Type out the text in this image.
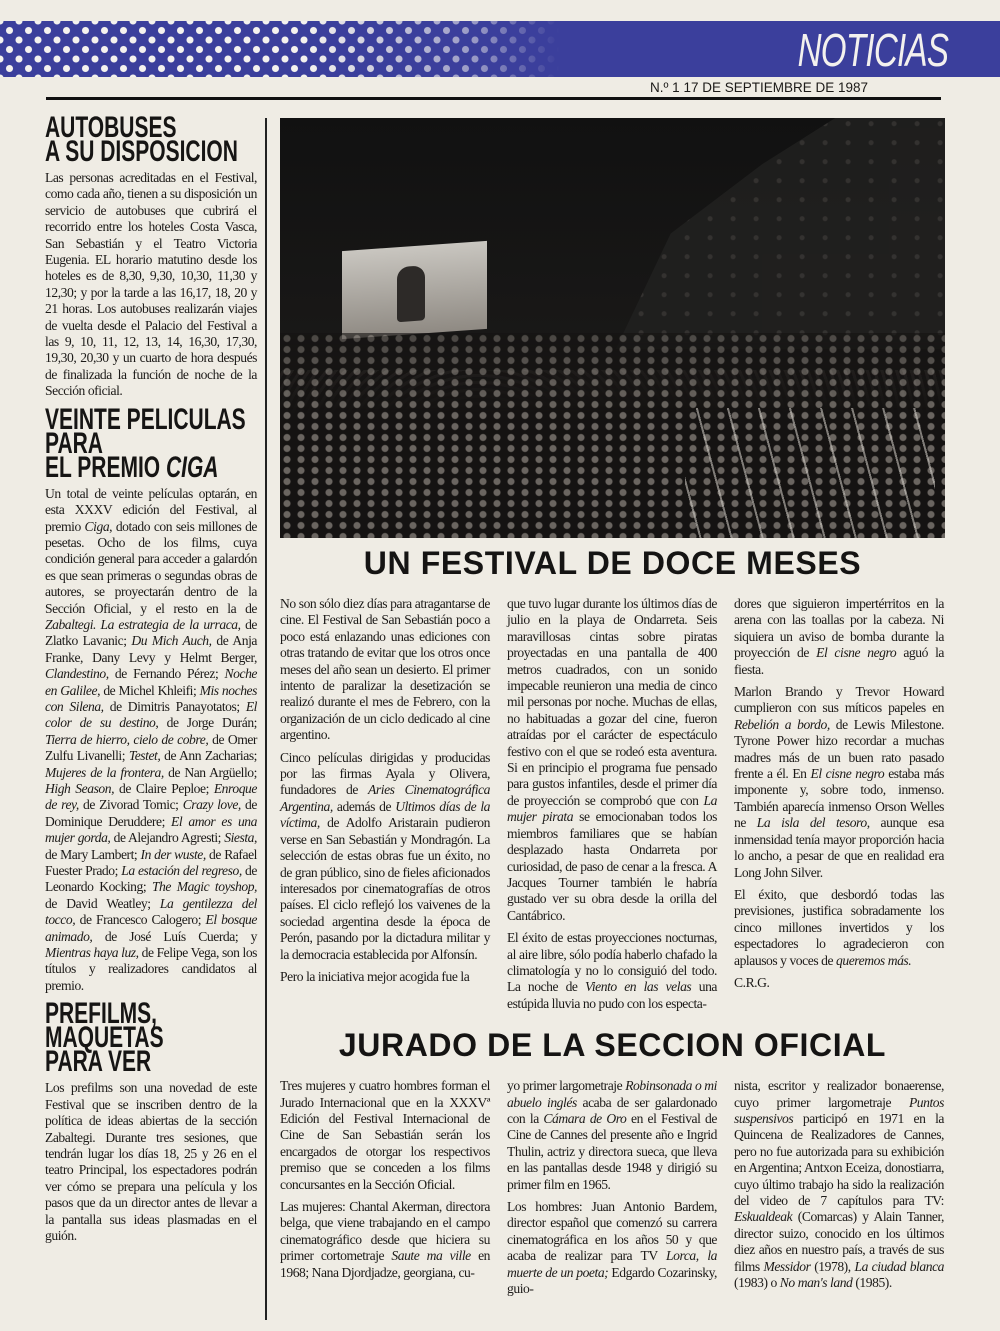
NOTICIAS
N.º 1 17 DE SEPTIEMBRE DE 1987
AUTOBUSES
A SU DISPOSICION

Las personas acreditadas en el Festival, como cada año, tienen a su disposición un servicio de autobuses que cubrirá el recorrido entre los hoteles Costa Vasca, San Sebastián y el Teatro Victoria Eugenia. EL horario matutino desde los hoteles es de 8,30, 9,30, 10,30, 11,30 y 12,30; y por la tarde a las 16,17, 18, 20 y 21 horas. Los autobuses realizarán viajes de vuelta desde el Palacio del Festival a las 9, 10, 11, 12, 13, 14, 16,30, 17,30, 19,30, 20,30 y un cuarto de hora después de finalizada la función de noche de la Sección oficial.

VEINTE PELICULAS
PARA
EL PREMIO CIGA

Un total de veinte películas optarán, en esta XXXV edición del Festival, al premio Ciga, dotado con seis millones de pesetas. Ocho de los films, cuya condición general para acceder a galardón es que sean primeras o segundas obras de autores, se proyectarán dentro de la Sección Oficial, y el resto en la de Zabaltegi. La estrategia de la urraca, de Zlatko Lavanic; Du Mich Auch, de Anja Franke, Dany Levy y Helmt Berger, Clandestino, de Fernando Pérez; Noche en Galilee, de Michel Khleifi; Mis noches con Silena, de Dimitris Panayotatos; El color de su destino, de Jorge Durán; Tierra de hierro, cielo de cobre, de Omer Zulfu Livanelli; Testet, de Ann Zacharias; Mujeres de la frontera, de Nan Argüello; High Season, de Claire Peploe; Enroque de rey, de Zivorad Tomic; Crazy love, de Dominique Deruddere; El amor es una mujer gorda, de Alejandro Agresti; Siesta, de Mary Lambert; In der wuste, de Rafael Fuester Prado; La estación del regreso, de Leonardo Kocking; The Magic toyshop, de David Weatley; La gentilezza del tocco, de Francesco Calogero; El bosque animado, de José Luís Cuerda; y Mientras haya luz, de Felipe Vega, son los títulos y realizadores candidatos al premio.

PREFILMS,
MAQUETAS
PARA VER

Los prefilms son una novedad de este Festival que se inscriben dentro de la política de ideas abiertas de la sección Zabaltegi. Durante tres sesiones, que tendrán lugar los días 18, 25 y 26 en el teatro Principal, los espectadores podrán ver cómo se prepara una película y los pasos que da un director antes de llevar a la pantalla sus ideas plasmadas en el guión.

UN FESTIVAL DE DOCE MESES

No son sólo diez días para atragantarse de cine. El Festival de San Sebastián poco a poco está enlazando unas ediciones con otras tratando de evitar que los otros once meses del año sean un desierto. El primer intento de paralizar la desetización se realizó durante el mes de Febrero, con la organización de un ciclo dedicado al cine argentino.

Cinco películas dirigidas y producidas por las firmas Ayala y Olivera, fundadores de Aries Cinematográfica Argentina, además de Ultimos días de la víctima, de Adolfo Aristarain pudieron verse en San Sebastián y Mondragón. La selección de estas obras fue un éxito, no de gran público, sino de fieles aficionados interesados por cinematografías de otros países. El ciclo reflejó los vaivenes de la sociedad argentina desde la época de Perón, pasando por la dictadura militar y la democracia establecida por Alfonsín.

Pero la iniciativa mejor acogida fue la

que tuvo lugar durante los últimos días de julio en la playa de Ondarreta. Seis maravillosas cintas sobre piratas proyectadas en una pantalla de 400 metros cuadrados, con un sonido impecable reunieron una media de cinco mil personas por noche. Muchas de ellas, no habituadas a gozar del cine, fueron atraídas por el carácter de espectáculo festivo con el que se rodeó esta aventura. Si en principio el programa fue pensado para gustos infantiles, desde el primer día de proyección se comprobó que con La mujer pirata se emocionaban todos los miembros familiares que se habían desplazado hasta Ondarreta por curiosidad, de paso de cenar a la fresca. A Jacques Tourner también le habría gustado ver su obra desde la orilla del Cantábrico.

El éxito de estas proyecciones nocturnas, al aire libre, sólo podía haberlo chafado la climatología y no lo consiguió del todo. La noche de Viento en las velas una estúpida lluvia no pudo con los especta-

dores que siguieron impertérritos en la arena con las toallas por la cabeza. Ni siquiera un aviso de bomba durante la proyección de El cisne negro aguó la fiesta.

Marlon Brando y Trevor Howard cumplieron con sus míticos papeles en Rebelión a bordo, de Lewis Milestone. Tyrone Power hizo recordar a muchas madres más de un buen rato pasado frente a él. En El cisne negro estaba más imponente y, sobre todo, inmenso. También aparecía inmenso Orson Welles ne La isla del tesoro, aunque esa inmensidad tenía mayor proporción hacia lo ancho, a pesar de que en realidad era Long John Silver.

El éxito, que desbordó todas las previsiones, justifica sobradamente los cinco millones invertidos y los espectadores lo agradecieron con aplausos y voces de queremos más.

C.R.G.

JURADO DE LA SECCION OFICIAL

Tres mujeres y cuatro hombres forman el Jurado Internacional que en la XXXVª Edición del Festival Internacional de Cine de San Sebastián serán los encargados de otorgar los respectivos premiso que se conceden a los films concursantes en la Sección Oficial.

Las mujeres: Chantal Akerman, directora belga, que viene trabajando en el campo cinematográfico desde que hiciera su primer cortometraje Saute ma ville en 1968; Nana Djordjadze, georgiana, cu-

yo primer largometraje Robinsonada o mi abuelo inglés acaba de ser galardonado con la Cámara de Oro en el Festival de Cine de Cannes del presente año e Ingrid Thulin, actriz y directora sueca, que lleva en las pantallas desde 1948 y dirigió su primer film en 1965.

Los hombres: Juan Antonio Bardem, director español que comenzó su carrera cinematográfica en los años 50 y que acaba de realizar para TV Lorca, la muerte de un poeta; Edgardo Cozarinsky, guio-

nista, escritor y realizador bonaerense, cuyo primer largometraje Puntos suspensivos participó en 1971 en la Quincena de Realizadores de Cannes, pero no fue autorizada para su exhibición en Argentina; Antxon Eceiza, donostiarra, cuyo último trabajo ha sido la realización del video de 7 capítulos para TV: Eskualdeak (Comarcas) y Alain Tanner, director suizo, conocido en los últimos diez años en nuestro país, a través de sus films Messidor (1978), La ciudad blanca (1983) o No man's land (1985).
